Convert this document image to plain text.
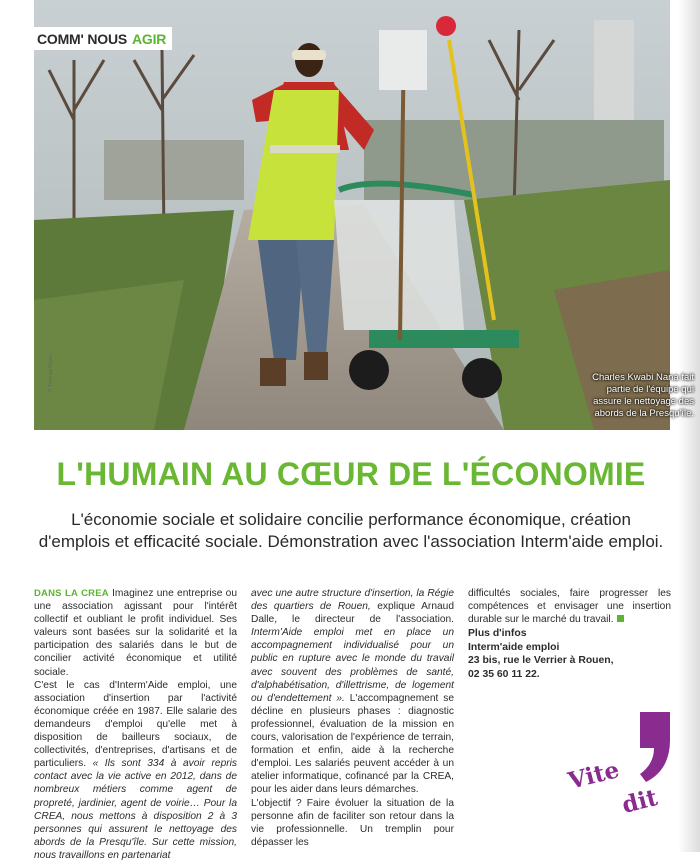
© Thomas Boivin	Charles Kwabi Nana fait partie de l'équipe qui assure le nettoyage des abords de la Presqu'île.
COMM' NOUS AGIR
L'HUMAIN AU CŒUR DE L'ÉCONOMIE
L'économie sociale et solidaire concilie performance économique, création d'emplois et efficacité sociale. Démonstration avec l'association Interm'aide emploi.

DANS LA CREA Imaginez une entreprise ou une association agissant pour l'intérêt collectif et oubliant le profit individuel. Ses valeurs sont basées sur la solidarité et la participation des salariés dans le but de concilier activité économique et utilité sociale.

C'est le cas d'Interm'Aide emploi, une association d'insertion par l'activité économique créée en 1987. Elle salarie des demandeurs d'emploi qu'elle met à disposition de bailleurs sociaux, de collectivités, d'entreprises, d'artisans et de particuliers. « Ils sont 334 à avoir repris contact avec la vie active en 2012, dans de nombreux métiers comme agent de propreté, jardinier, agent de voirie… Pour la CREA, nous mettons à disposition 2 à 3 personnes qui assurent le nettoyage des abords de la Presqu'île. Sur cette mission, nous travaillons en partenariat

avec une autre structure d'insertion, la Régie des quartiers de Rouen, explique Arnaud Dalle, le directeur de l'association. Interm'Aide emploi met en place un accompagnement individualisé pour un public en rupture avec le monde du travail avec souvent des problèmes de santé, d'alphabétisation, d'illettrisme, de logement ou d'endettement ». L'accompagnement se décline en plusieurs phases : diagnostic professionnel, évaluation de la mission en cours, valorisation de l'expérience de terrain, formation et enfin, aide à la recherche d'emploi. Les salariés peuvent accéder à un atelier informatique, cofinancé par la CREA, pour les aider dans leurs démarches.

L'objectif ? Faire évoluer la situation de la personne afin de faciliter son retour dans la vie professionnelle. Un tremplin pour dépasser les

difficultés sociales, faire progresser les compétences et envisager une insertion durable sur le marché du travail.

Plus d'infos
Interm'aide emploi
23 bis, rue le Verrier à Rouen,
02 35 60 11 22.
Vite
dit
